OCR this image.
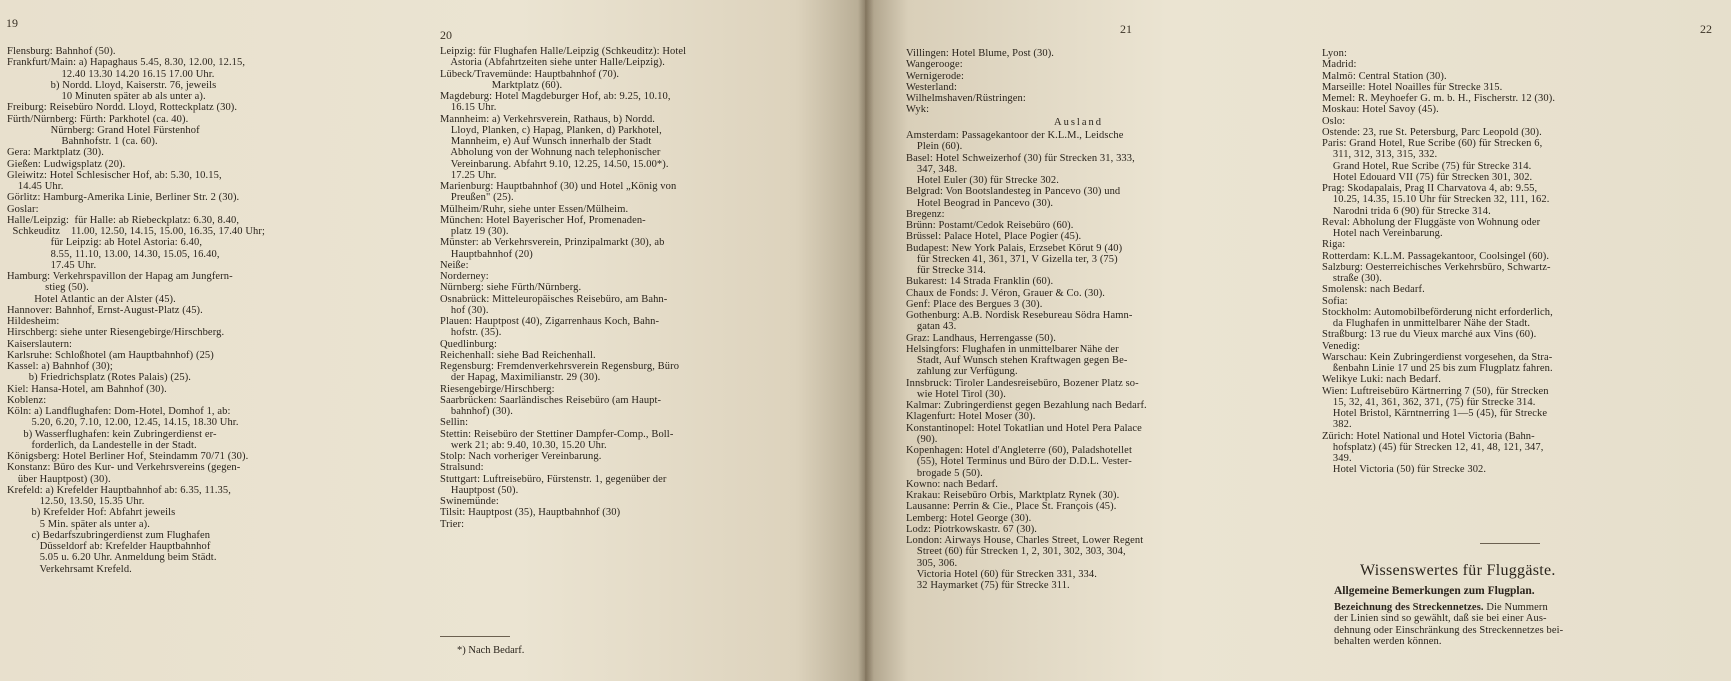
19
Flensburg: Bahnhof (50).
Frankfurt/Main: a) Hapaghaus 5.45, 8.30, 12.00, 12.15,
12.40 13.30 14.20 16.15 17.00 Uhr.
b) Nordd. Lloyd, Kaiserstr. 76, jeweils
10 Minuten später ab als unter a).
Freiburg: Reisebüro Nordd. Lloyd, Rotteckplatz (30).
Fürth/Nürnberg: Fürth: Parkhotel (ca. 40).
Nürnberg: Grand Hotel Fürstenhof
Bahnhofstr. 1 (ca. 60).
Gera: Marktplatz (30).
Gießen: Ludwigsplatz (20).
Gleiwitz: Hotel Schlesischer Hof, ab: 5.30, 10.15,
14.45 Uhr.
Görlitz: Hamburg-Amerika Linie, Berliner Str. 2 (30).
Goslar:
Halle/Leipzig:  für Halle: ab Riebeckplatz: 6.30, 8.40,
Schkeuditz    11.00, 12.50, 14.15, 15.00, 16.35, 17.40 Uhr;
für Leipzig: ab Hotel Astoria: 6.40,
8.55, 11.10, 13.00, 14.30, 15.05, 16.40,
17.45 Uhr.
Hamburg: Verkehrspavillon der Hapag am Jungfern-
stieg (50).
Hotel Atlantic an der Alster (45).
Hannover: Bahnhof, Ernst-August-Platz (45).
Hildesheim:
Hirschberg: siehe unter Riesengebirge/Hirschberg.
Kaiserslautern:
Karlsruhe: Schloßhotel (am Hauptbahnhof) (25)
Kassel: a) Bahnhof (30);
b) Friedrichsplatz (Rotes Palais) (25).
Kiel: Hansa-Hotel, am Bahnhof (30).
Koblenz:
Köln: a) Landflughafen: Dom-Hotel, Domhof 1, ab:
5.20, 6.20, 7.10, 12.00, 12.45, 14.15, 18.30 Uhr.
b) Wasserflughafen: kein Zubringerdienst er-
forderlich, da Landestelle in der Stadt.
Königsberg: Hotel Berliner Hof, Steindamm 70/71 (30).
Konstanz: Büro des Kur- und Verkehrsvereins (gegen-
über Hauptpost) (30).
Krefeld: a) Krefelder Hauptbahnhof ab: 6.35, 11.35,
12.50, 13.50, 15.35 Uhr.
b) Krefelder Hof: Abfahrt jeweils
5 Min. später als unter a).
c) Bedarfszubringerdienst zum Flughafen
Düsseldorf ab: Krefelder Hauptbahnhof
5.05 u. 6.20 Uhr. Anmeldung beim Städt.
Verkehrsamt Krefeld.
20
Leipzig: für Flughafen Halle/Leipzig (Schkeuditz): Hotel
Astoria (Abfahrtzeiten siehe unter Halle/Leipzig).
Lübeck/Travemünde: Hauptbahnhof (70).
Marktplatz (60).
Magdeburg: Hotel Magdeburger Hof, ab: 9.25, 10.10,
16.15 Uhr.
Mannheim: a) Verkehrsverein, Rathaus, b) Nordd.
Lloyd, Planken, c) Hapag, Planken, d) Parkhotel,
Mannheim, e) Auf Wunsch innerhalb der Stadt
Abholung von der Wohnung nach telephonischer
Vereinbarung. Abfahrt 9.10, 12.25, 14.50, 15.00*).
17.25 Uhr.
Marienburg: Hauptbahnhof (30) und Hotel „König von
Preußen" (25).
Mülheim/Ruhr, siehe unter Essen/Mülheim.
München: Hotel Bayerischer Hof, Promenaden-
platz 19 (30).
Münster: ab Verkehrsverein, Prinzipalmarkt (30), ab
Hauptbahnhof (20)
Neiße:
Norderney:
Nürnberg: siehe Fürth/Nürnberg.
Osnabrück: Mitteleuropäisches Reisebüro, am Bahn-
hof (30).
Plauen: Hauptpost (40), Zigarrenhaus Koch, Bahn-
hofstr. (35).
Quedlinburg:
Reichenhall: siehe Bad Reichenhall.
Regensburg: Fremdenverkehrsverein Regensburg, Büro
der Hapag, Maximilianstr. 29 (30).
Riesengebirge/Hirschberg:
Saarbrücken: Saarländisches Reisebüro (am Haupt-
bahnhof) (30).
Sellin:
Stettin: Reisebüro der Stettiner Dampfer-Comp., Boll-
werk 21; ab: 9.40, 10.30, 15.20 Uhr.
Stolp: Nach vorheriger Vereinbarung.
Stralsund:
Stuttgart: Luftreisebüro, Fürstenstr. 1, gegenüber der
Hauptpost (50).
Swinemünde:
Tilsit: Hauptpost (35), Hauptbahnhof (30)
Trier:
*) Nach Bedarf.
21
Villingen: Hotel Blume, Post (30).
Wangerooge:
Wernigerode:
Westerland:
Wilhelmshaven/Rüstringen:
Wyk:
Ausland
Amsterdam: Passagekantoor der K.L.M., Leidsche
Plein (60).
Basel: Hotel Schweizerhof (30) für Strecken 31, 333,
347, 348.
Hotel Euler (30) für Strecke 302.
Belgrad: Von Bootslandesteg in Pancevo (30) und
Hotel Beograd in Pancevo (30).
Bregenz:
Brünn: Postamt/Cedok Reisebüro (60).
Brüssel: Palace Hotel, Place Pogier (45).
Budapest: New York Palais, Erzsebet Körut 9 (40)
für Strecken 41, 361, 371, V Gizella ter, 3 (75)
für Strecke 314.
Bukarest: 14 Strada Franklin (60).
Chaux de Fonds: J. Véron, Grauer & Co. (30).
Genf: Place des Bergues 3 (30).
Gothenburg: A.B. Nordisk Resebureau Södra Hamn-
gatan 43.
Graz: Landhaus, Herrengasse (50).
Helsingfors: Flughafen in unmittelbarer Nähe der
Stadt, Auf Wunsch stehen Kraftwagen gegen Be-
zahlung zur Verfügung.
Innsbruck: Tiroler Landesreisebüro, Bozener Platz so-
wie Hotel Tirol (30).
Kalmar: Zubringerdienst gegen Bezahlung nach Bedarf.
Klagenfurt: Hotel Moser (30).
Konstantinopel: Hotel Tokatlian und Hotel Pera Palace
(90).
Kopenhagen: Hotel d'Angleterre (60), Paladshotellet
(55), Hotel Terminus und Büro der D.D.L. Vester-
brogade 5 (50).
Kowno: nach Bedarf.
Krakau: Reisebüro Orbis, Marktplatz Rynek (30).
Lausanne: Perrin & Cie., Place St. François (45).
Lemberg: Hotel George (30).
Lodz: Piotrkowskastr. 67 (30).
London: Airways House, Charles Street, Lower Regent
Street (60) für Strecken 1, 2, 301, 302, 303, 304,
305, 306.
Victoria Hotel (60) für Strecken 331, 334.
32 Haymarket (75) für Strecke 311.
22
Lyon:
Madrid:
Malmö: Central Station (30).
Marseille: Hotel Noailles für Strecke 315.
Memel: R. Meyhoefer G. m. b. H., Fischerstr. 12 (30).
Moskau: Hotel Savoy (45).
Oslo:
Ostende: 23, rue St. Petersburg, Parc Leopold (30).
Paris: Grand Hotel, Rue Scribe (60) für Strecken 6,
311, 312, 313, 315, 332.
Grand Hotel, Rue Scribe (75) für Strecke 314.
Hotel Edouard VII (75) für Strecken 301, 302.
Prag: Skodapalais, Prag II Charvatova 4, ab: 9.55,
10.25, 14.35, 15.10 Uhr für Strecken 32, 111, 162.
Narodni trida 6 (90) für Strecke 314.
Reval: Abholung der Fluggäste von Wohnung oder
Hotel nach Vereinbarung.
Riga:
Rotterdam: K.L.M. Passagekantoor, Coolsingel (60).
Salzburg: Oesterreichisches Verkehrsbüro, Schwartz-
straße (30).
Smolensk: nach Bedarf.
Sofia:
Stockholm: Automobilbeförderung nicht erforderlich,
da Flughafen in unmittelbarer Nähe der Stadt.
Straßburg: 13 rue du Vieux marché aux Vins (60).
Venedig:
Warschau: Kein Zubringerdienst vorgesehen, da Stra-
ßenbahn Linie 17 und 25 bis zum Flugplatz fahren.
Welikye Luki: nach Bedarf.
Wien: Luftreisebüro Kärtnerring 7 (50), für Strecken
15, 32, 41, 361, 362, 371, (75) für Strecke 314.
Hotel Bristol, Kärntnerring 1—5 (45), für Strecke
382.
Zürich: Hotel National und Hotel Victoria (Bahn-
hofsplatz) (45) für Strecken 12, 41, 48, 121, 347,
349.
Hotel Victoria (50) für Strecke 302.
Wissenswertes für Fluggäste.
Allgemeine Bemerkungen zum Flugplan.
Bezeichnung des Streckennetzes. Die Nummern
der Linien sind so gewählt, daß sie bei einer Aus-
dehnung oder Einschränkung des Streckennetzes bei-
behalten werden können.
